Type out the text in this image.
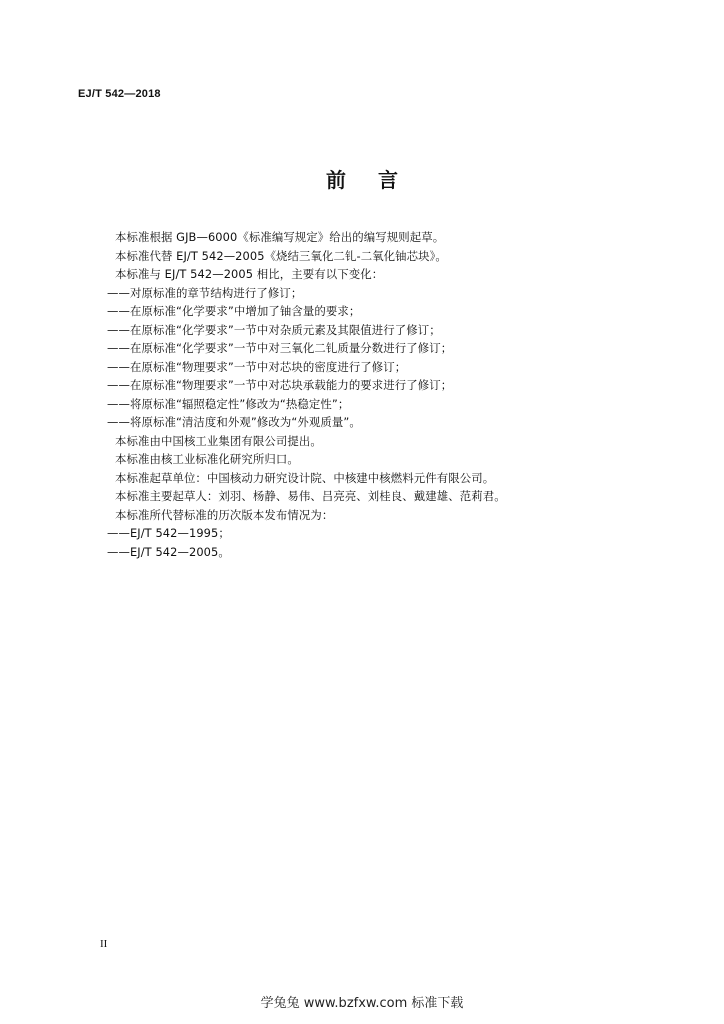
EJ/T 542—2018
前 言
本标准根据 GJB—6000《标准编写规定》给出的编写规则起草。
本标准代替 EJ/T 542—2005《烧结三氧化二钆-二氧化铀芯块》。
本标准与 EJ/T 542—2005 相比，主要有以下变化：
——对原标准的章节结构进行了修订；
——在原标准“化学要求”中增加了铀含量的要求；
——在原标准“化学要求”一节中对杂质元素及其限值进行了修订；
——在原标准“化学要求”一节中对三氧化二钆质量分数进行了修订；
——在原标准“物理要求”一节中对芯块的密度进行了修订；
——在原标准“物理要求”一节中对芯块承载能力的要求进行了修订；
——将原标准“辐照稳定性”修改为“热稳定性”；
——将原标准“清洁度和外观”修改为“外观质量”。
本标准由中国核工业集团有限公司提出。
本标准由核工业标准化研究所归口。
本标准起草单位：中国核动力研究设计院、中核建中核燃料元件有限公司。
本标准主要起草人：刘羽、杨静、易伟、吕亮亮、刘桂良、戴建雄、范莉君。
本标准所代替标准的历次版本发布情况为：
——EJ/T 542—1995；
——EJ/T 542—2005。
II
学兔兔 www.bzfxw.com 标准下载
